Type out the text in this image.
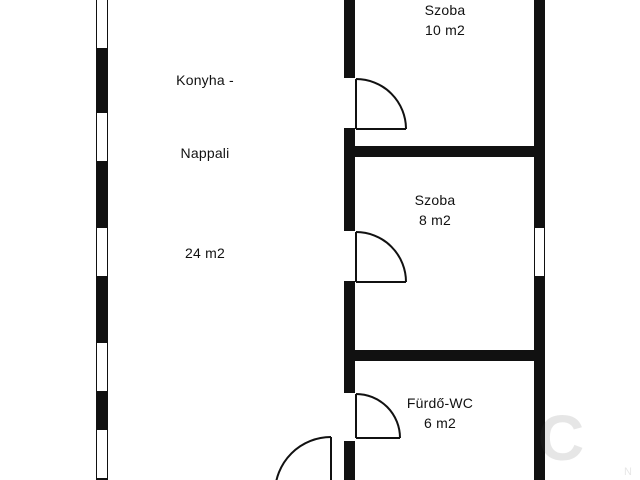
Konyha -
Nappali
24 m2
Szoba
10 m2
Szoba
8 m2
Fürdő-WC
6 m2	C	N
